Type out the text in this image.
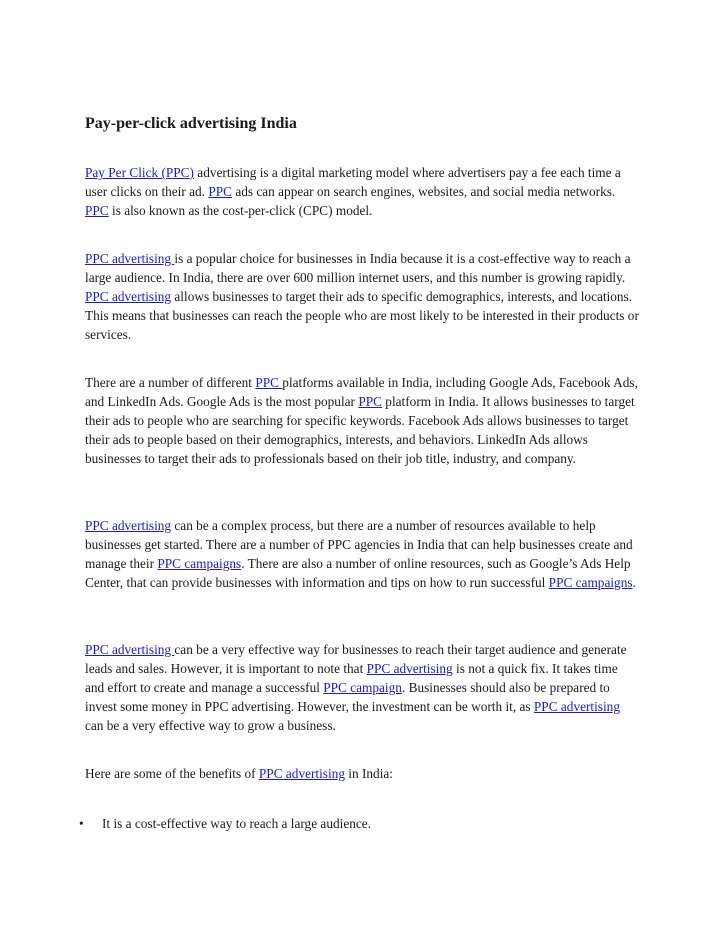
Pay-per-click advertising India

Pay Per Click (PPC) advertising is a digital marketing model where advertisers pay a fee each time a user clicks on their ad. PPC ads can appear on search engines, websites, and social media networks. PPC is also known as the cost-per-click (CPC) model.

PPC advertising is a popular choice for businesses in India because it is a cost-effective way to reach a large audience. In India, there are over 600 million internet users, and this number is growing rapidly. PPC advertising allows businesses to target their ads to specific demographics, interests, and locations. This means that businesses can reach the people who are most likely to be interested in their products or services.

There are a number of different PPC platforms available in India, including Google Ads, Facebook Ads, and LinkedIn Ads. Google Ads is the most popular PPC platform in India. It allows businesses to target their ads to people who are searching for specific keywords. Facebook Ads allows businesses to target their ads to people based on their demographics, interests, and behaviors. LinkedIn Ads allows businesses to target their ads to professionals based on their job title, industry, and company.

PPC advertising can be a complex process, but there are a number of resources available to help businesses get started. There are a number of PPC agencies in India that can help businesses create and manage their PPC campaigns. There are also a number of online resources, such as Google’s Ads Help Center, that can provide businesses with information and tips on how to run successful PPC campaigns.

PPC advertising can be a very effective way for businesses to reach their target audience and generate leads and sales. However, it is important to note that PPC advertising is not a quick fix. It takes time and effort to create and manage a successful PPC campaign. Businesses should also be prepared to invest some money in PPC advertising. However, the investment can be worth it, as PPC advertising can be a very effective way to grow a business.

Here are some of the benefits of PPC advertising in India:

• It is a cost-effective way to reach a large audience.
